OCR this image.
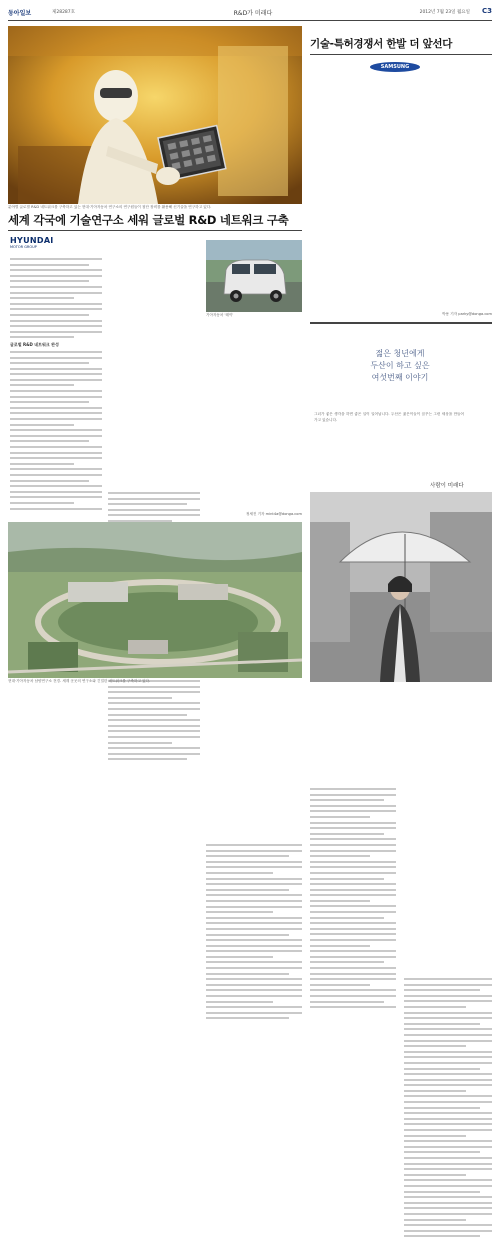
동아일보	제28287호	R&D가 미래다	2012년 7월 23일 월요일 C3
분야별 글로벌 R&D 네트워크를 구축하고 있는 현대·기아자동차 연구소의 연구원들이 첨단 장비를 활용해 신기술을 연구하고 있다.
세계 각국에 기술연구소 세워 글로벌 R&D 네트워크 구축
HYUNDAI
MOTOR GROUP
글로벌 R&D 네트워크 완성
기아자동차 '레이'
정세진 기자 mint4a@donga.com
현대·기아자동차 남양연구소 전경. 세계 곳곳의 연구소와 긴밀한 네트워크를 구축하고 있다.
기술-특허경쟁서 한발 더 앞선다
SAMSUNG
박용 기자 parky@donga.com
젊은 청년에게
두산이 하고 싶은
여섯번째 이야기
그녀가 좋은 생각을 하면 좋은 일이 일어납니다. 두산은 젊은이들이 꿈꾸는 그런 세상을 만들어 가고 있습니다.
사람이 미래다
